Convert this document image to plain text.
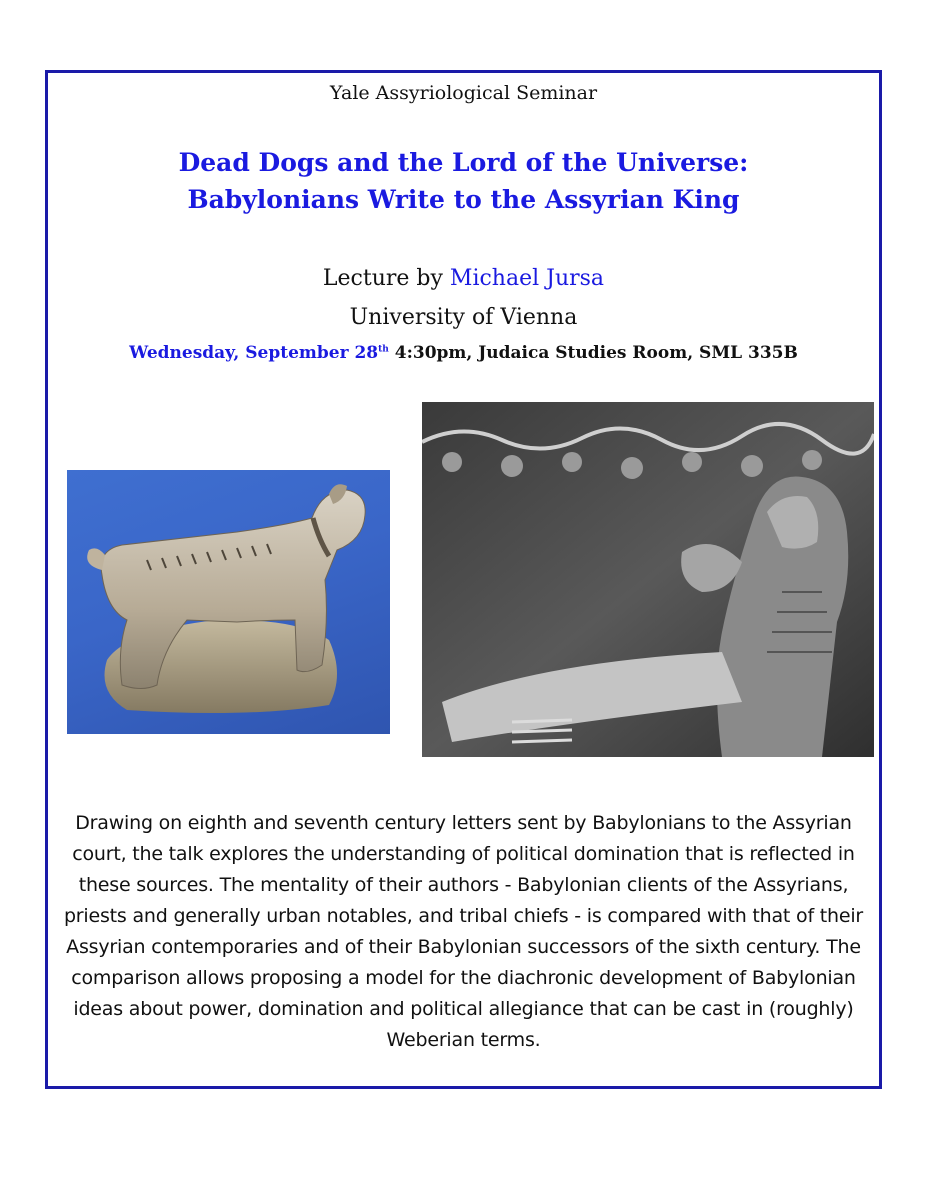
Yale Assyriological Seminar
Dead Dogs and the Lord of the Universe:
Babylonians Write to the Assyrian King
Lecture by Michael Jursa
University of Vienna
Wednesday, September 28th 4:30pm, Judaica Studies Room, SML 335B
Drawing on eighth and seventh century letters sent by Babylonians to the Assyrian court, the talk explores the understanding of political domination that is reflected in these sources. The mentality of their authors - Babylonian clients of the Assyrians, priests and generally urban notables, and tribal chiefs - is compared with that of their Assyrian contemporaries and of their Babylonian successors of the sixth century. The comparison allows proposing a model for the diachronic development of Babylonian ideas about power, domination and political allegiance that can be cast in (roughly) Weberian terms.
